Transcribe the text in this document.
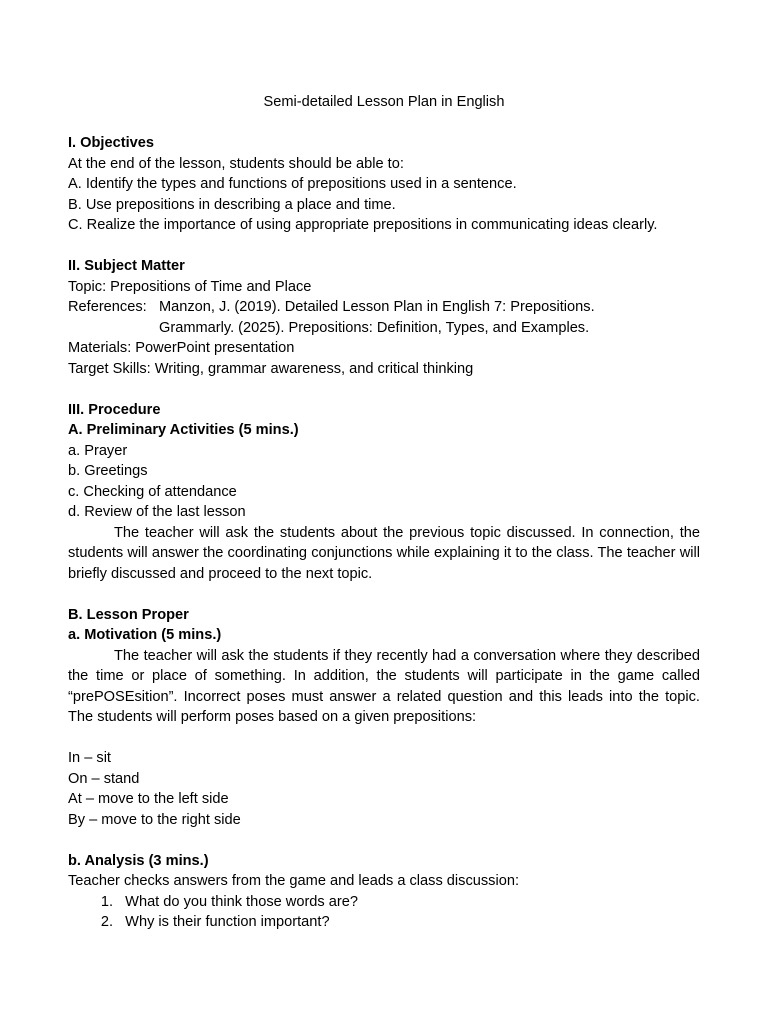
Semi-detailed Lesson Plan in English
I. Objectives
At the end of the lesson, students should be able to:
A. Identify the types and functions of prepositions used in a sentence.
B. Use prepositions in describing a place and time.
C. Realize the importance of using appropriate prepositions in communicating ideas clearly.
II. Subject Matter
Topic: Prepositions of Time and Place
References: Manzon, J. (2019). Detailed Lesson Plan in English 7: Prepositions.
Grammarly. (2025). Prepositions: Definition, Types, and Examples.
Materials: PowerPoint presentation
Target Skills: Writing, grammar awareness, and critical thinking
III. Procedure
A. Preliminary Activities (5 mins.)
a. Prayer
b. Greetings
c. Checking of attendance
d. Review of the last lesson
The teacher will ask the students about the previous topic discussed. In connection, the students will answer the coordinating conjunctions while explaining it to the class. The teacher will briefly discussed and proceed to the next topic.
B. Lesson Proper
a. Motivation (5 mins.)
The teacher will ask the students if they recently had a conversation where they described the time or place of something. In addition, the students will participate in the game called “prePOSEsition”. Incorrect poses must answer a related question and this leads into the topic. The students will perform poses based on a given prepositions:
In – sit
On – stand
At – move to the left side
By – move to the right side
b. Analysis (3 mins.)
Teacher checks answers from the game and leads a class discussion:
1. What do you think those words are?
2. Why is their function important?
